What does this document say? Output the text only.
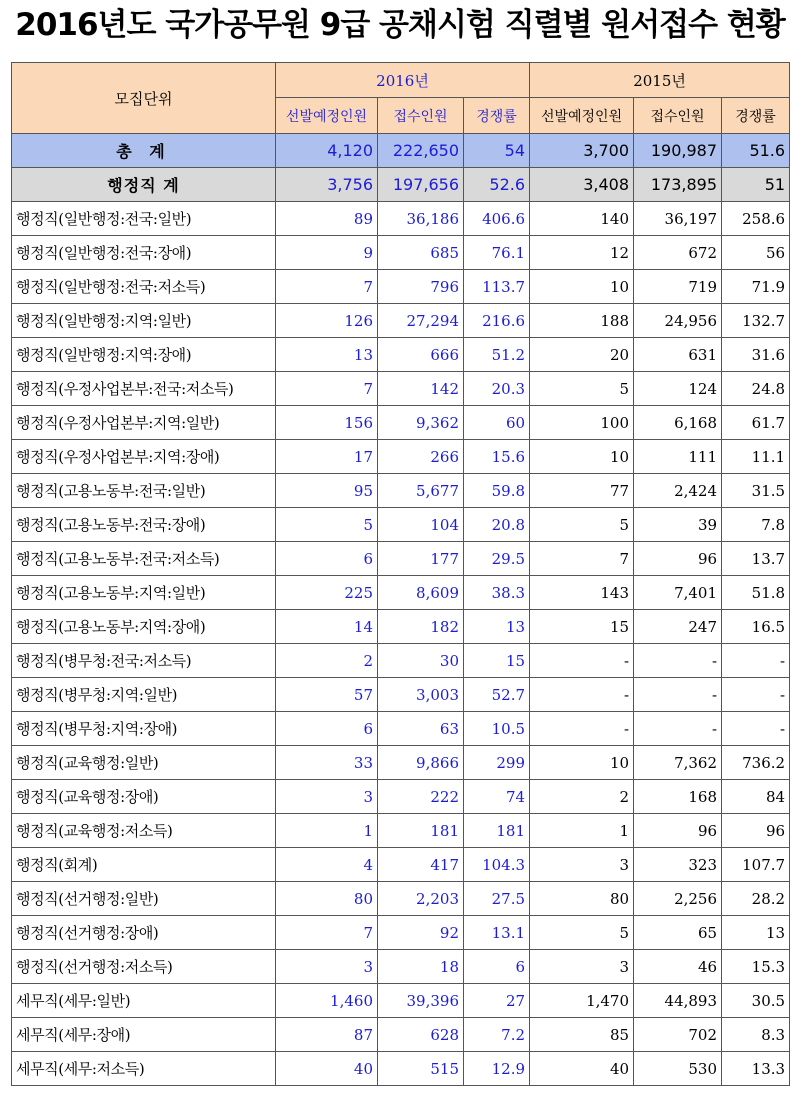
2016년도 국가공무원 9급 공채시험 직렬별 원서접수 현황
모집단위	2016년			2015년		
	선발예정인원	접수인원	경쟁률	선발예정인원	접수인원	경쟁률
총 계	4,120	222,650	54	3,700	190,987	51.6
행정직 계	3,756	197,656	52.6	3,408	173,895	51
행정직(일반행정:전국:일반)	89	36,186	406.6	140	36,197	258.6
행정직(일반행정:전국:장애)	9	685	76.1	12	672	56
행정직(일반행정:전국:저소득)	7	796	113.7	10	719	71.9
행정직(일반행정:지역:일반)	126	27,294	216.6	188	24,956	132.7
행정직(일반행정:지역:장애)	13	666	51.2	20	631	31.6
행정직(우정사업본부:전국:저소득)	7	142	20.3	5	124	24.8
행정직(우정사업본부:지역:일반)	156	9,362	60	100	6,168	61.7
행정직(우정사업본부:지역:장애)	17	266	15.6	10	111	11.1
행정직(고용노동부:전국:일반)	95	5,677	59.8	77	2,424	31.5
행정직(고용노동부:전국:장애)	5	104	20.8	5	39	7.8
행정직(고용노동부:전국:저소득)	6	177	29.5	7	96	13.7
행정직(고용노동부:지역:일반)	225	8,609	38.3	143	7,401	51.8
행정직(고용노동부:지역:장애)	14	182	13	15	247	16.5
행정직(병무청:전국:저소득)	2	30	15	-	-	-
행정직(병무청:지역:일반)	57	3,003	52.7	-	-	-
행정직(병무청:지역:장애)	6	63	10.5	-	-	-
행정직(교육행정:일반)	33	9,866	299	10	7,362	736.2
행정직(교육행정:장애)	3	222	74	2	168	84
행정직(교육행정:저소득)	1	181	181	1	96	96
행정직(회계)	4	417	104.3	3	323	107.7
행정직(선거행정:일반)	80	2,203	27.5	80	2,256	28.2
행정직(선거행정:장애)	7	92	13.1	5	65	13
행정직(선거행정:저소득)	3	18	6	3	46	15.3
세무직(세무:일반)	1,460	39,396	27	1,470	44,893	30.5
세무직(세무:장애)	87	628	7.2	85	702	8.3
세무직(세무:저소득)	40	515	12.9	40	530	13.3
